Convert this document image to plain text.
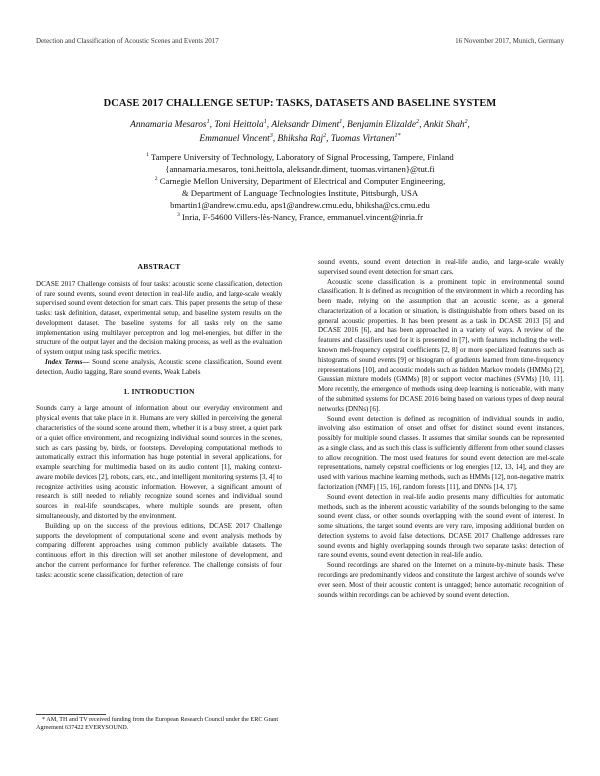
Detection and Classification of Acoustic Scenes and Events 2017	16 November 2017, Munich, Germany
DCASE 2017 CHALLENGE SETUP: TASKS, DATASETS AND BASELINE SYSTEM
Annamaria Mesaros$^1$, Toni Heittola$^1$, Aleksandr Diment$^1$, Benjamin Elizalde$^2$, Ankit Shah$^2$,
Emmanuel Vincent$^3$, Bhiksha Raj$^2$, Tuomas Virtanen$^{1*}$
$^1$ Tampere University of Technology, Laboratory of Signal Processing, Tampere, Finland
{annamaria.mesaros, toni.heittola, aleksandr.diment, tuomas.virtanen}@tut.fi
$^2$ Carnegie Mellon University, Department of Electrical and Computer Engineering,
& Department of Language Technologies Institute, Pittsburgh, USA
bmartin1@andrew.cmu.edu, aps1@andrew.cmu.edu, bhiksha@cs.cmu.edu
$^3$ Inria, F-54600 Villers-lès-Nancy, France, emmanuel.vincent@inria.fr
ABSTRACT

DCASE 2017 Challenge consists of four tasks: acoustic scene classification, detection of rare sound events, sound event detection in real-life audio, and large-scale weakly supervised sound event detection for smart cars. This paper presents the setup of these tasks: task definition, dataset, experimental setup, and baseline system results on the development dataset. The baseline systems for all tasks rely on the same implementation using multilayer perceptron and log mel-energies, but differ in the structure of the output layer and the decision making process, as well as the evaluation of system output using task specific metrics.

Index Terms— Sound scene analysis, Acoustic scene classification, Sound event detection, Audio tagging, Rare sound events, Weak Labels

1. INTRODUCTION

Sounds carry a large amount of information about our everyday environment and physical events that take place in it. Humans are very skilled in perceiving the general characteristics of the sound scene around them, whether it is a busy street, a quiet park or a quiet office environment, and recognizing individual sound sources in the scenes, such as cars passing by, birds, or footsteps. Developing computational methods to automatically extract this information has huge potential in several applications, for example searching for multimedia based on its audio content [1], making context-aware mobile devices [2], robots, cars, etc., and intelligent monitoring systems [3, 4] to recognize activities using acoustic information. However, a significant amount of research is still needed to reliably recognize sound scenes and individual sound sources in real-life soundscapes, where multiple sounds are present, often simultaneously, and distorted by the environment.

Building up on the success of the previous editions, DCASE 2017 Challenge supports the development of computational scene and event analysis methods by comparing different approaches using common publicly available datasets. The continuous effort in this direction will set another milestone of development, and anchor the current performance for further reference. The challenge consists of four tasks: acoustic scene classification, detection of rare

* AM, TH and TV received funding from the European Research Council under the ERC Grant Agreement 637422 EVERYSOUND.

sound events, sound event detection in real-life audio, and large-scale weakly supervised sound event detection for smart cars.

Acoustic scene classification is a prominent topic in environmental sound classification. It is defined as recognition of the environment in which a recording has been made, relying on the assumption that an acoustic scene, as a general characterization of a location or situation, is distinguishable from others based on its general acoustic properties. It has been present as a task in DCASE 2013 [5] and DCASE 2016 [6], and has been approached in a variety of ways. A review of the features and classifiers used for it is presented in [7], with features including the well-known mel-frequency cepstral coefficients [2, 8] or more specialized features such as histograms of sound events [9] or histogram of gradients learned from time-frequency representations [10], and acoustic models such as hidden Markov models (HMMs) [2], Gaussian mixture models (GMMs) [8] or support vector machines (SVMs) [10, 11]. More recently, the emergence of methods using deep learning is noticeable, with many of the submitted systems for DCASE 2016 being based on various types of deep neural networks (DNNs) [6].

Sound event detection is defined as recognition of individual sounds in audio, involving also estimation of onset and offset for distinct sound event instances, possibly for multiple sound classes. It assumes that similar sounds can be represented as a single class, and as such this class is sufficiently different from other sound classes to allow recognition. The most used features for sound event detection are mel-scale representations, namely cepstral coefficients or log energies [12, 13, 14], and they are used with various machine learning methods, such as HMMs [12], non-negative matrix factorization (NMF) [15, 16], random forests [11], and DNNs [14, 17].

Sound event detection in real-life audio presents many difficulties for automatic methods, such as the inherent acoustic variability of the sounds belonging to the same sound event class, or other sounds overlapping with the sound event of interest. In some situations, the target sound events are very rare, imposing additional burden on detection systems to avoid false detections. DCASE 2017 Challenge addresses rare sound events and highly overlapping sounds through two separate tasks: detection of rare sound events, sound event detection in real-life audio.

Sound recordings are shared on the Internet on a minute-by-minute basis. These recordings are predominantly videos and constitute the largest archive of sounds we've ever seen. Most of their acoustic content is untagged; hence automatic recognition of sounds within recordings can be achieved by sound event detection.
